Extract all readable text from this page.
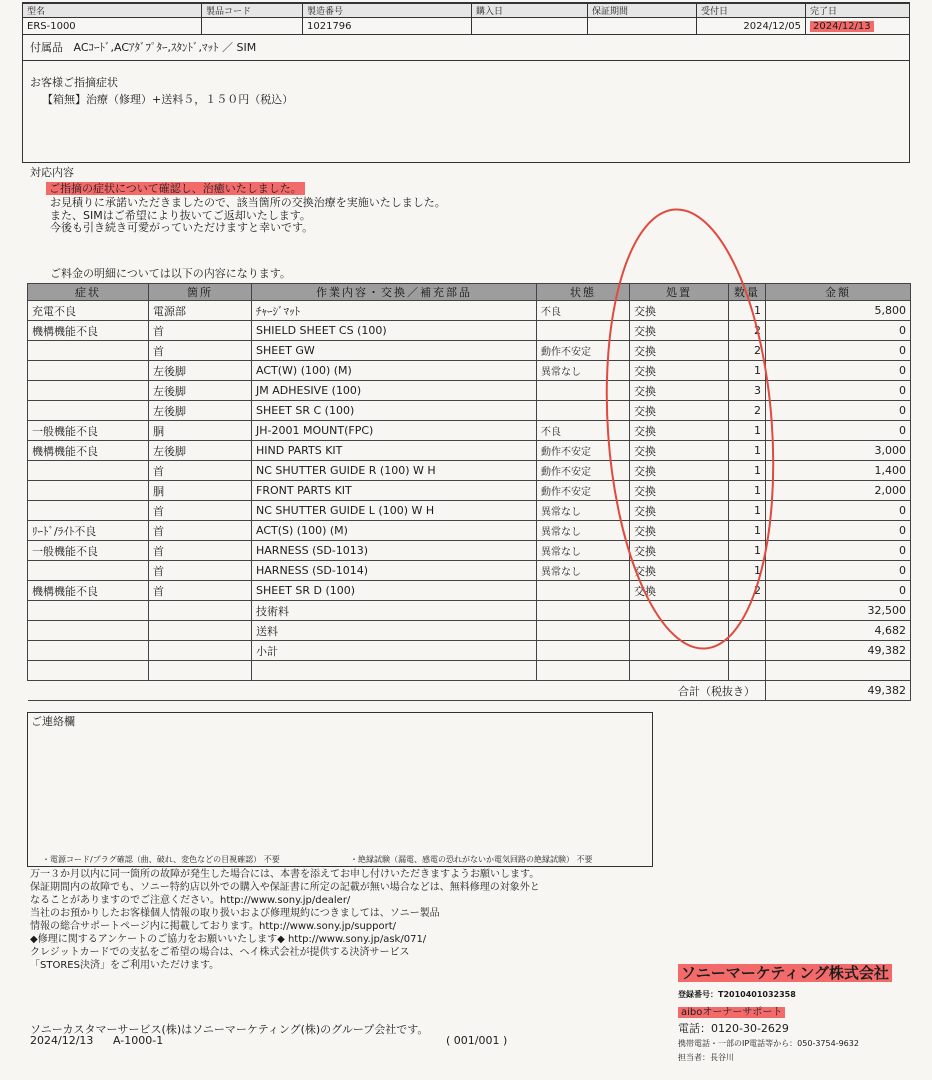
型名	製品コード	製造番号	購入日	保証期間	受付日	完了日
ERS-1000		1021796			2024/12/05	2024/12/13
付属品 ACｺｰﾄﾞ,ACｱﾀﾞﾌﾟﾀｰ,ｽﾀﾝﾄﾞ,ﾏｯﾄ ／ SIM
お客様ご指摘症状
【箱無】治療（修理）+送料５，１５０円（税込）
対応内容
ご指摘の症状について確認し、治癒いたしました。
お見積りに承諾いただきましたので、該当箇所の交換治療を実施いたしました。
また、SIMはご希望により抜いてご返却いたします。
今後も引き続き可愛がっていただけますと幸いです。
ご料金の明細については以下の内容になります。
症状	箇所	作業内容・交換／補充部品	状態	処置	数量	金額
充電不良	電源部	ﾁｬｰｼﾞﾏｯﾄ	不良	交換	1	5,800
機構機能不良	首	SHIELD SHEET CS (100)		交換	2	0
	首	SHEET GW	動作不安定	交換	2	0
	左後脚	ACT(W) (100) (M)	異常なし	交換	1	0
	左後脚	JM ADHESIVE (100)		交換	3	0
	左後脚	SHEET SR C (100)		交換	2	0
一般機能不良	胴	JH-2001 MOUNT(FPC)	不良	交換	1	0
機構機能不良	左後脚	HIND PARTS KIT	動作不安定	交換	1	3,000
	首	NC SHUTTER GUIDE R (100) W H	動作不安定	交換	1	1,400
	胴	FRONT PARTS KIT	動作不安定	交換	1	2,000
	首	NC SHUTTER GUIDE L (100) W H	異常なし	交換	1	0
ﾘｰﾄﾞ/ﾗｲﾄ不良	首	ACT(S) (100) (M)	異常なし	交換	1	0
一般機能不良	首	HARNESS (SD-1013)	異常なし	交換	1	0
	首	HARNESS (SD-1014)	異常なし	交換	1	0
機構機能不良	首	SHEET SR D (100)		交換	2	0
		技術料				32,500
		送料				4,682
		小計				49,382

合計（税抜き）						49,382
ご連絡欄
・電源コード/プラグ確認（曲、破れ、変色などの目視確認） 不要	・絶縁試験（漏電、感電の恐れがないか電気回路の絶縁試験） 不要
万一３か月以内に同一箇所の故障が発生した場合には、本書を添えてお申し付けいただきますようお願いします。
保証期間内の故障でも、ソニー特約店以外での購入や保証書に所定の記載が無い場合などは、無料修理の対象外と
なることがありますのでご注意ください。http://www.sony.jp/dealer/
当社のお預かりしたお客様個人情報の取り扱いおよび修理規約につきましては、ソニー製品
情報の総合サポートページ内に掲載しております。http://www.sony.jp/support/
◆修理に関するアンケートのご協力をお願いいたします◆ http://www.sony.jp/ask/071/
クレジットカードでの支払をご希望の場合は、ヘイ株式会社が提供する決済サービス
「STORES決済」をご利用いただけます。	ソニーマーケティング株式会社
登録番号：T2010401032358
aiboオーナーサポート
電話：0120-30-2629
携帯電話・一部のIP電話等から：050-3754-9632
担当者：長谷川
ソニーカスタマーサービス(株)はソニーマーケティング(株)のグループ会社です。
2024/12/13 A-1000-1	( 001/001 )
